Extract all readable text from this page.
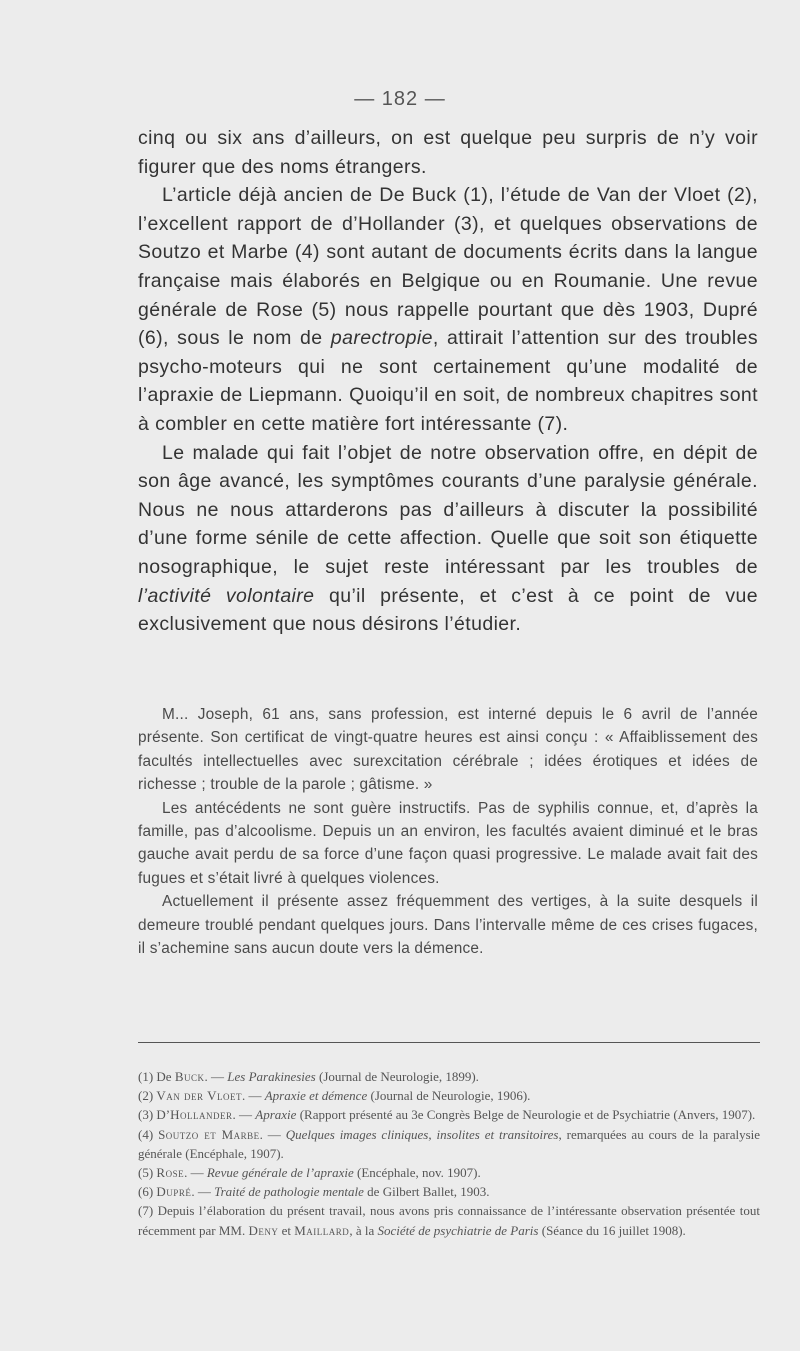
— 182 —

cinq ou six ans d’ailleurs, on est quelque peu surpris de n’y voir figurer que des noms étrangers.

L’article déjà ancien de De Buck (1), l’étude de Van der Vloet (2), l’excellent rapport de d’Hollander (3), et quelques observations de Soutzo et Marbe (4) sont autant de documents écrits dans la langue française mais élaborés en Belgique ou en Roumanie. Une revue générale de Rose (5) nous rappelle pourtant que dès 1903, Dupré (6), sous le nom de parectropie, attirait l’attention sur des troubles psycho-moteurs qui ne sont certainement qu’une modalité de l’apraxie de Liepmann. Quoiqu’il en soit, de nombreux chapitres sont à combler en cette matière fort intéressante (7).

Le malade qui fait l’objet de notre observation offre, en dépit de son âge avancé, les symptômes courants d’une paralysie générale. Nous ne nous attarderons pas d’ailleurs à discuter la possibilité d’une forme sénile de cette affection. Quelle que soit son étiquette nosographique, le sujet reste intéressant par les troubles de l’activité volontaire qu’il présente, et c’est à ce point de vue exclusivement que nous désirons l’étudier.

M... Joseph, 61 ans, sans profession, est interné depuis le 6 avril de l’année présente. Son certificat de vingt-quatre heures est ainsi conçu : « Affaiblissement des facultés intellectuelles avec surexcitation cérébrale ; idées érotiques et idées de richesse ; trouble de la parole ; gâtisme. »

Les antécédents ne sont guère instructifs. Pas de syphilis connue, et, d’après la famille, pas d’alcoolisme. Depuis un an environ, les facultés avaient diminué et le bras gauche avait perdu de sa force d’une façon quasi progressive. Le malade avait fait des fugues et s’était livré à quelques violences.

Actuellement il présente assez fréquemment des vertiges, à la suite desquels il demeure troublé pendant quelques jours. Dans l’intervalle même de ces crises fugaces, il s’achemine sans aucun doute vers la démence.

(1) De Buck. — Les Parakinesies (Journal de Neurologie, 1899).

(2) Van der Vloet. — Apraxie et démence (Journal de Neurologie, 1906).

(3) D’Hollander. — Apraxie (Rapport présenté au 3e Congrès Belge de Neurologie et de Psychiatrie (Anvers, 1907).

(4) Soutzo et Marbe. — Quelques images cliniques, insolites et transitoires, remarquées au cours de la paralysie générale (Encéphale, 1907).

(5) Rose. — Revue générale de l’apraxie (Encéphale, nov. 1907).

(6) Dupré. — Traité de pathologie mentale de Gilbert Ballet, 1903.

(7) Depuis l’élaboration du présent travail, nous avons pris connaissance de l’intéressante observation présentée tout récemment par MM. Deny et Maillard, à la Société de psychiatrie de Paris (Séance du 16 juillet 1908).
